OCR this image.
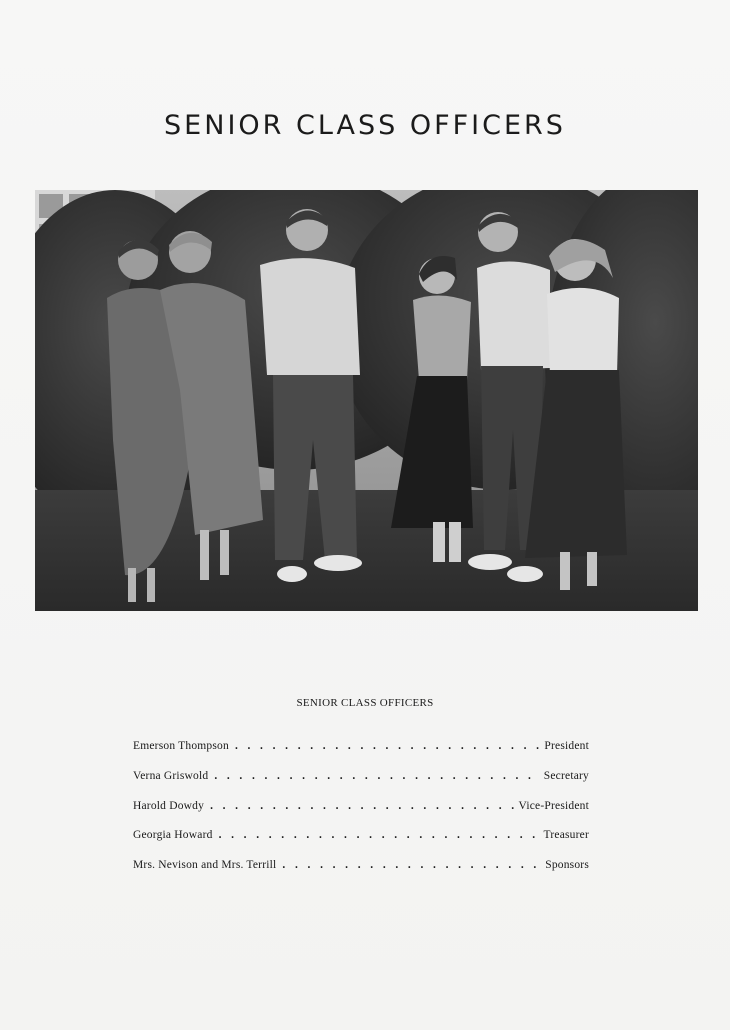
SENIOR CLASS OFFICERS
SENIOR CLASS OFFICERS
Emerson Thompson . . .	President
Verna Griswold . . .	Secretary
Harold Dowdy . . .	Vice-President
Georgia Howard . . .	Treasurer
Mrs. Nevison and Mrs. Terrill . . .	Sponsors
